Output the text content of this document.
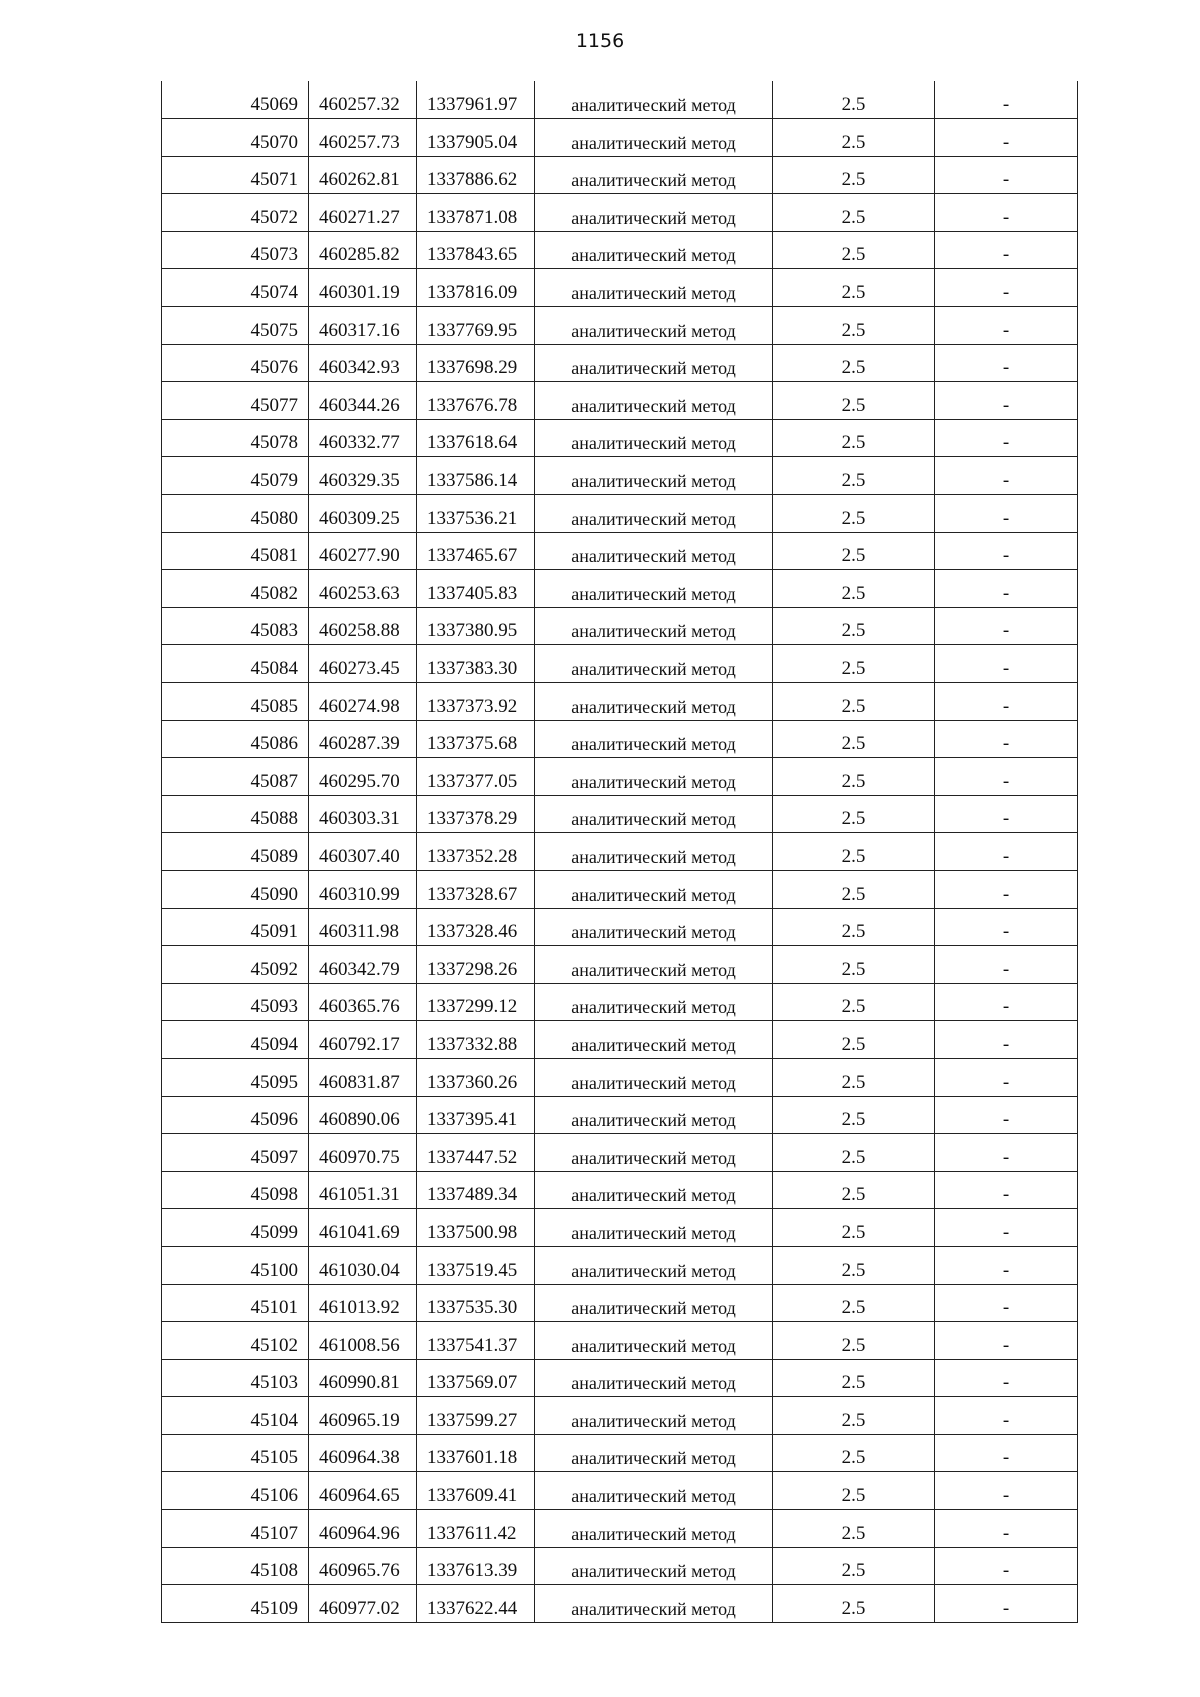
1156
45069	460257.32	1337961.97	аналитический метод	2.5	-
45070	460257.73	1337905.04	аналитический метод	2.5	-
45071	460262.81	1337886.62	аналитический метод	2.5	-
45072	460271.27	1337871.08	аналитический метод	2.5	-
45073	460285.82	1337843.65	аналитический метод	2.5	-
45074	460301.19	1337816.09	аналитический метод	2.5	-
45075	460317.16	1337769.95	аналитический метод	2.5	-
45076	460342.93	1337698.29	аналитический метод	2.5	-
45077	460344.26	1337676.78	аналитический метод	2.5	-
45078	460332.77	1337618.64	аналитический метод	2.5	-
45079	460329.35	1337586.14	аналитический метод	2.5	-
45080	460309.25	1337536.21	аналитический метод	2.5	-
45081	460277.90	1337465.67	аналитический метод	2.5	-
45082	460253.63	1337405.83	аналитический метод	2.5	-
45083	460258.88	1337380.95	аналитический метод	2.5	-
45084	460273.45	1337383.30	аналитический метод	2.5	-
45085	460274.98	1337373.92	аналитический метод	2.5	-
45086	460287.39	1337375.68	аналитический метод	2.5	-
45087	460295.70	1337377.05	аналитический метод	2.5	-
45088	460303.31	1337378.29	аналитический метод	2.5	-
45089	460307.40	1337352.28	аналитический метод	2.5	-
45090	460310.99	1337328.67	аналитический метод	2.5	-
45091	460311.98	1337328.46	аналитический метод	2.5	-
45092	460342.79	1337298.26	аналитический метод	2.5	-
45093	460365.76	1337299.12	аналитический метод	2.5	-
45094	460792.17	1337332.88	аналитический метод	2.5	-
45095	460831.87	1337360.26	аналитический метод	2.5	-
45096	460890.06	1337395.41	аналитический метод	2.5	-
45097	460970.75	1337447.52	аналитический метод	2.5	-
45098	461051.31	1337489.34	аналитический метод	2.5	-
45099	461041.69	1337500.98	аналитический метод	2.5	-
45100	461030.04	1337519.45	аналитический метод	2.5	-
45101	461013.92	1337535.30	аналитический метод	2.5	-
45102	461008.56	1337541.37	аналитический метод	2.5	-
45103	460990.81	1337569.07	аналитический метод	2.5	-
45104	460965.19	1337599.27	аналитический метод	2.5	-
45105	460964.38	1337601.18	аналитический метод	2.5	-
45106	460964.65	1337609.41	аналитический метод	2.5	-
45107	460964.96	1337611.42	аналитический метод	2.5	-
45108	460965.76	1337613.39	аналитический метод	2.5	-
45109	460977.02	1337622.44	аналитический метод	2.5	-
